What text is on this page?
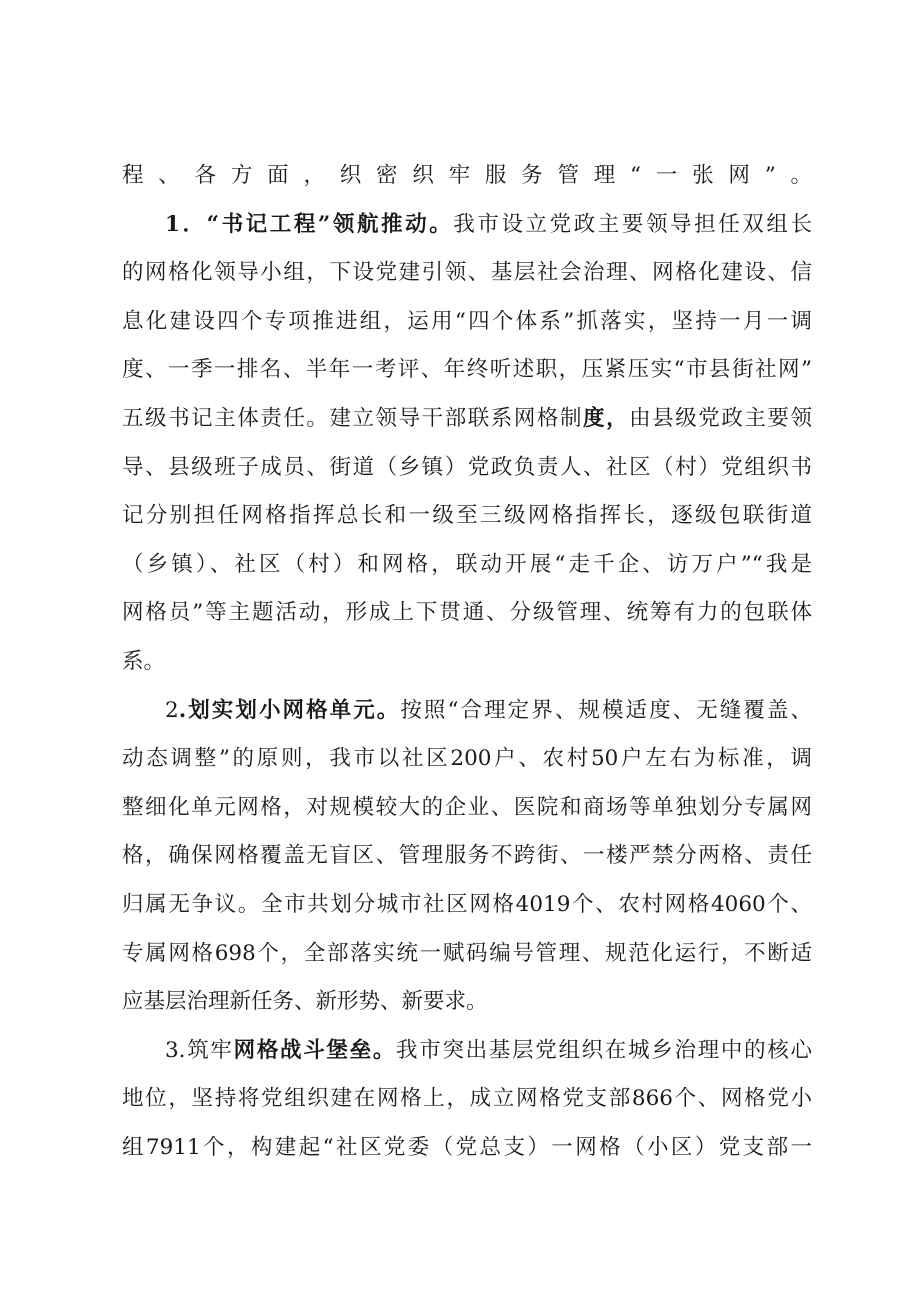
程、各方面，织密织牢服务管理“一张网”。
1．“书记工程”领航推动。我市设立党政主要领导担任双组长
的网格化领导小组，下设党建引领、基层社会治理、网格化建设、信
息化建设四个专项推进组，运用“四个体系”抓落实，坚持一月一调
度、一季一排名、半年一考评、年终听述职，压紧压实“市县街社网”
五级书记主体责任。建立领导干部联系网格制度，由县级党政主要领
导、县级班子成员、街道（乡镇）党政负责人、社区（村）党组织书
记分别担任网格指挥总长和一级至三级网格指挥长，逐级包联街道
（乡镇）、社区（村）和网格，联动开展“走千企、访万户”“我是
网格员”等主题活动，形成上下贯通、分级管理、统筹有力的包联体
系。
2.划实划小网格单元。按照“合理定界、规模适度、无缝覆盖、
动态调整”的原则，我市以社区200户、农村50户左右为标准，调
整细化单元网格，对规模较大的企业、医院和商场等单独划分专属网
格，确保网格覆盖无盲区、管理服务不跨街、一楼严禁分两格、责任
归属无争议。全市共划分城市社区网格4019个、农村网格4060个、
专属网格698个，全部落实统一赋码编号管理、规范化运行，不断适
应基层治理新任务、新形势、新要求。
3.筑牢网格战斗堡垒。我市突出基层党组织在城乡治理中的核心
地位，坚持将党组织建在网格上，成立网格党支部866个、网格党小
组7911个，构建起“社区党委（党总支）一网格（小区）党支部一
